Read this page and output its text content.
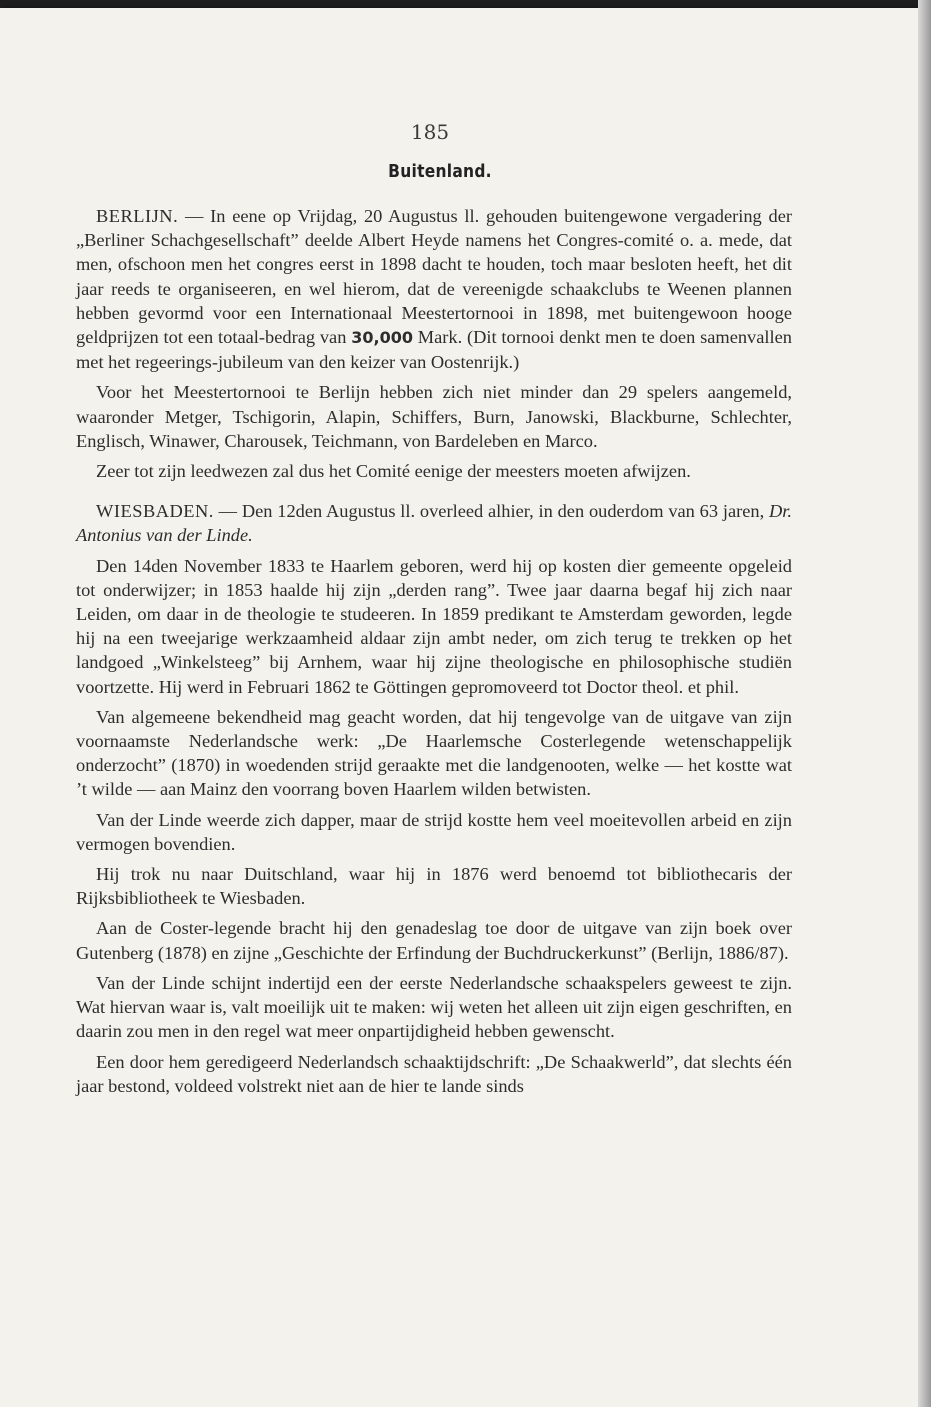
185
Buitenland.

BERLIJN. — In eene op Vrijdag, 20 Augustus ll. gehouden buitengewone vergadering der „Berliner Schachgesellschaft” deelde Albert Heyde namens het Congres-comité o. a. mede, dat men, ofschoon men het congres eerst in 1898 dacht te houden, toch maar besloten heeft, het dit jaar reeds te organiseeren, en wel hierom, dat de vereenigde schaakclubs te Weenen plannen hebben gevormd voor een Internationaal Meestertornooi in 1898, met buitengewoon hooge geldprijzen tot een totaal-bedrag van 30,000 Mark. (Dit tornooi denkt men te doen samenvallen met het regeerings-jubileum van den keizer van Oostenrijk.)

Voor het Meestertornooi te Berlijn hebben zich niet minder dan 29 spelers aangemeld, waaronder Metger, Tschigorin, Alapin, Schiffers, Burn, Janowski, Blackburne, Schlechter, Englisch, Winawer, Charousek, Teichmann, von Bardeleben en Marco.

Zeer tot zijn leedwezen zal dus het Comité eenige der meesters moeten afwijzen.

WIESBADEN. — Den 12den Augustus ll. overleed alhier, in den ouderdom van 63 jaren, Dr. Antonius van der Linde.

Den 14den November 1833 te Haarlem geboren, werd hij op kosten dier gemeente opgeleid tot onderwijzer; in 1853 haalde hij zijn „derden rang”. Twee jaar daarna begaf hij zich naar Leiden, om daar in de theologie te studeeren. In 1859 predikant te Amsterdam geworden, legde hij na een tweejarige werkzaamheid aldaar zijn ambt neder, om zich terug te trekken op het landgoed „Winkelsteeg” bij Arnhem, waar hij zijne theologische en philosophische studiën voortzette. Hij werd in Februari 1862 te Göttingen gepromoveerd tot Doctor theol. et phil.

Van algemeene bekendheid mag geacht worden, dat hij tengevolge van de uitgave van zijn voornaamste Nederlandsche werk: „De Haarlemsche Costerlegende wetenschappelijk onderzocht” (1870) in woedenden strijd geraakte met die landgenooten, welke — het kostte wat ’t wilde — aan Mainz den voorrang boven Haarlem wilden betwisten.

Van der Linde weerde zich dapper, maar de strijd kostte hem veel moeitevollen arbeid en zijn vermogen bovendien.

Hij trok nu naar Duitschland, waar hij in 1876 werd benoemd tot bibliothecaris der Rijksbibliotheek te Wiesbaden.

Aan de Coster-legende bracht hij den genadeslag toe door de uitgave van zijn boek over Gutenberg (1878) en zijne „Geschichte der Erfindung der Buchdruckerkunst” (Berlijn, 1886/87).

Van der Linde schijnt indertijd een der eerste Nederlandsche schaakspelers geweest te zijn. Wat hiervan waar is, valt moeilijk uit te maken: wij weten het alleen uit zijn eigen geschriften, en daarin zou men in den regel wat meer onpartijdigheid hebben gewenscht.

Een door hem geredigeerd Nederlandsch schaaktijdschrift: „De Schaakwerld”, dat slechts één jaar bestond, voldeed volstrekt niet aan de hier te lande sinds
